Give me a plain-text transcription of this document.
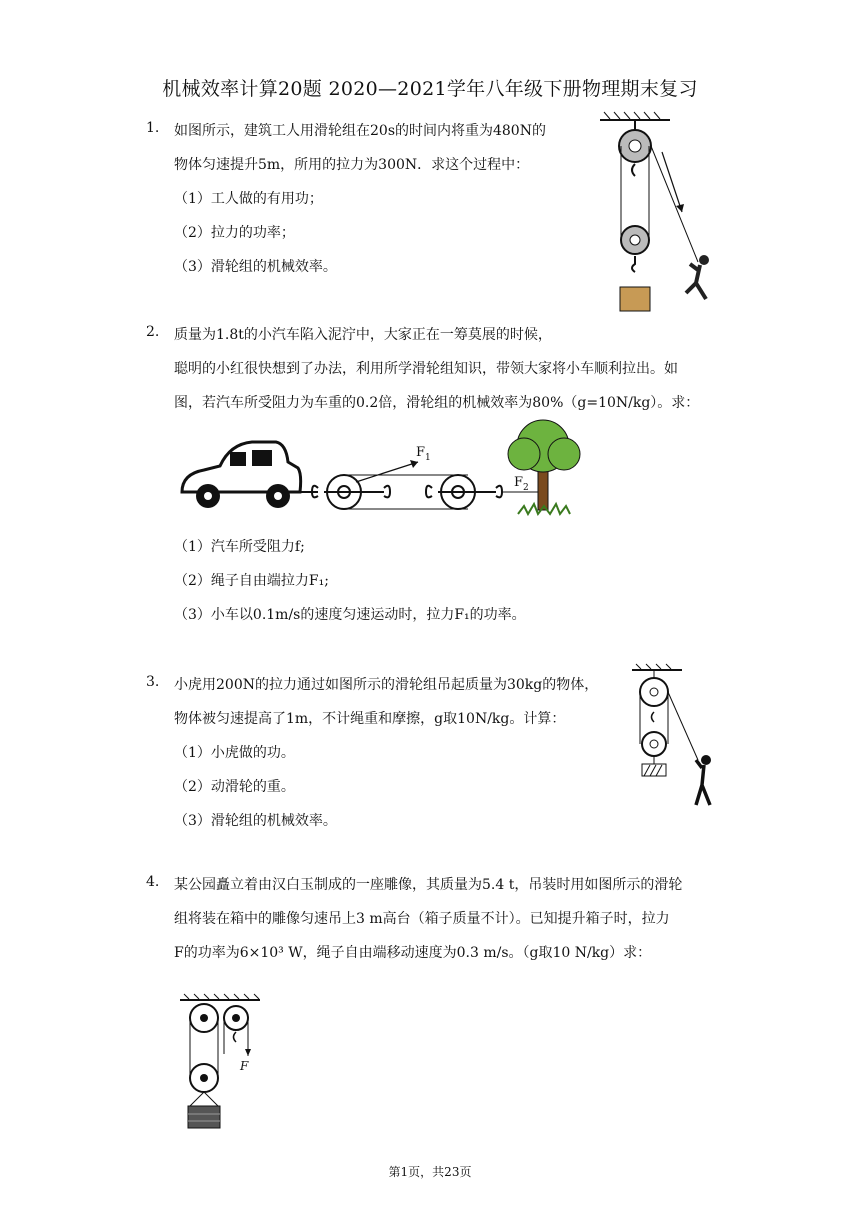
机械效率计算20题 2020—2021学年八年级下册物理期末复习
1. 如图所示，建筑工人用滑轮组在20s的时间内将重为480N的
物体匀速提升5m，所用的拉力为300N．求这个过程中：
（1）工人做的有用功；
（2）拉力的功率；
（3）滑轮组的机械效率。
2. 质量为1.8t的小汽车陷入泥泞中，大家正在一筹莫展的时候，
聪明的小红很快想到了办法，利用所学滑轮组知识，带领大家将小车顺利拉出。如
图，若汽车所受阻力为车重的0.2倍，滑轮组的机械效率为80%（g=10N/kg）。求：
$F_1$
$F_2$
（1）汽车所受阻力f;
（2）绳子自由端拉力F₁;
（3）小车以0.1m/s的速度匀速运动时，拉力F₁的功率。
3. 小虎用200N的拉力通过如图所示的滑轮组吊起质量为30kg的物体，
物体被匀速提高了1m，不计绳重和摩擦，g取10N/kg。计算：
（1）小虎做的功。
（2）动滑轮的重。
（3）滑轮组的机械效率。
4. 某公园矗立着由汉白玉制成的一座雕像，其质量为5.4 t，吊装时用如图所示的滑轮
组将装在箱中的雕像匀速吊上3 m高台（箱子质量不计）。已知提升箱子时，拉力
F的功率为6×10³ W，绳子自由端移动速度为0.3 m/s。（g取10 N/kg）求：
F
第1页，共23页
